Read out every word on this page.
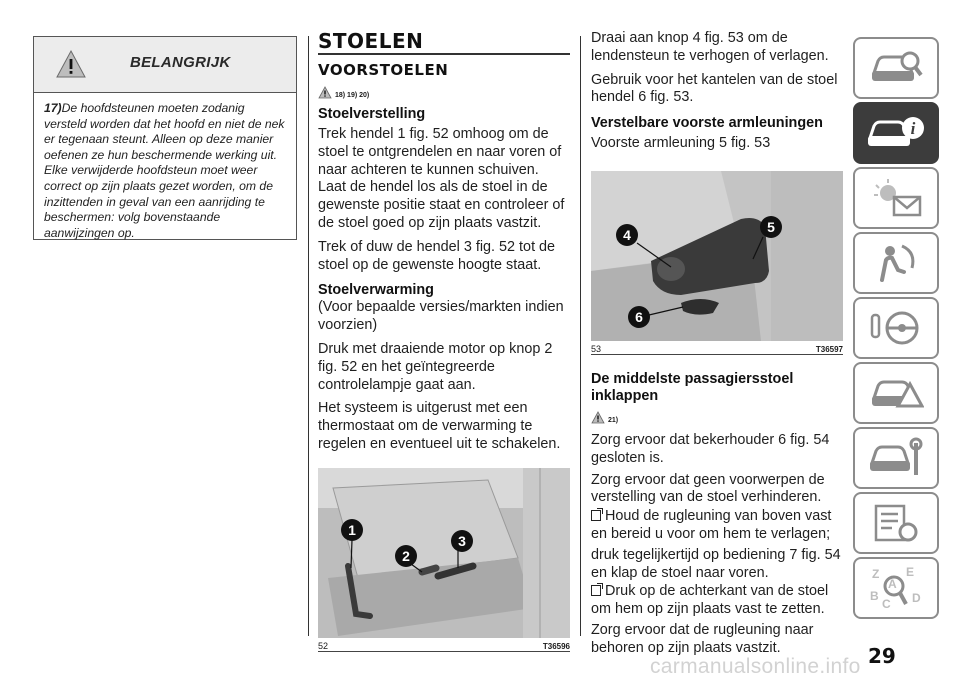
BELANGRIJK
17)De hoofdsteunen moeten zodanig versteld worden dat het hoofd en niet de nek er tegenaan steunt. Alleen op deze manier oefenen ze hun beschermende werking uit. Elke verwijderde hoofdsteun moet weer correct op zijn plaats gezet worden, om de inzittenden in geval van een aanrijding te beschermen: volg bovenstaande aanwijzingen op.
STOELEN
VOORSTOELEN
18) 19) 20)
Stoelverstelling

Trek hendel 1 fig. 52 omhoog om de stoel te ontgrendelen en naar voren of naar achteren te kunnen schuiven. Laat de hendel los als de stoel in de gewenste positie staat en controleer of de stoel goed op zijn plaats vastzit.

Trek of duw de hendel 3 fig. 52 tot de stoel op de gewenste hoogte staat.

Stoelverwarming

(Voor bepaalde versies/markten indien voorzien)

Druk met draaiende motor op knop 2 fig. 52 en het geïntegreerde controlelampje gaat aan.

Het systeem is uitgerust met een thermostaat om de verwarming te regelen en eventueel uit te schakelen.

1
2
3
52	T36596

Draai aan knop 4 fig. 53 om de lendensteun te verhogen of verlagen.

Gebruik voor het kantelen van de stoel hendel 6 fig. 53.

Verstelbare voorste armleuningen

Voorste armleuning 5 fig. 53

4	5
6
53	T36597
De middelste passagiersstoel inklappen
21)

Zorg ervoor dat bekerhouder 6 fig. 54 gesloten is.

Zorg ervoor dat geen voorwerpen de verstelling van de stoel verhinderen.

Houd de rugleuning van boven vast en bereid u voor om hem te verlagen;

druk tegelijkertijd op bediening 7 fig. 54 en klap de stoel naar voren.

Druk op de achterkant van de stoel om hem op zijn plaats vast te zetten.

Zorg ervoor dat de rugleuning naar behoren op zijn plaats vastzit.

i
Z E
B	D
C
A
29
carmanualsonline.info
